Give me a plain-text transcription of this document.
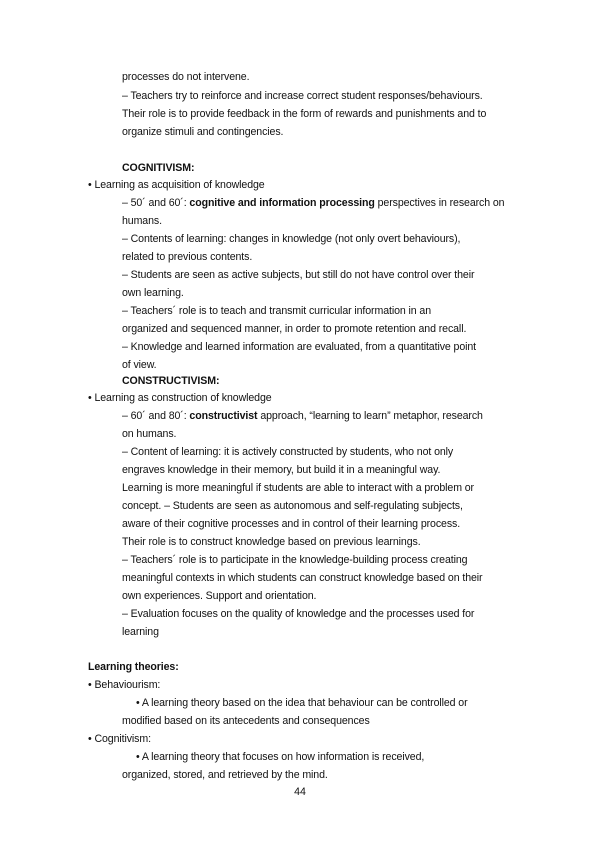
processes do not intervene.
– Teachers try to reinforce and increase correct student responses/behaviours.
Their role is to provide feedback in the form of rewards and punishments and to
organize stimuli and contingencies.
COGNITIVISM:
• Learning as acquisition of knowledge
– 50´ and 60´: cognitive and information processing perspectives in research on
humans.
– Contents of learning: changes in knowledge (not only overt behaviours),
related to previous contents.
– Students are seen as active subjects, but still do not have control over their
own learning.
– Teachers´ role is to teach and transmit curricular information in an
organized and sequenced manner, in order to promote retention and recall.
– Knowledge and learned information are evaluated, from a quantitative point
of view.
CONSTRUCTIVISM:
• Learning as construction of knowledge
– 60´ and 80´: constructivist approach, “learning to learn” metaphor, research
on humans.
– Content of learning: it is actively constructed by students, who not only
engraves knowledge in their memory, but build it in a meaningful way.
Learning is more meaningful if students are able to interact with a problem or
concept. – Students are seen as autonomous and self-regulating subjects,
aware of their cognitive processes and in control of their learning process.
Their role is to construct knowledge based on previous learnings.
– Teachers´ role is to participate in the knowledge-building process creating
meaningful contexts in which students can construct knowledge based on their
own experiences. Support and orientation.
– Evaluation focuses on the quality of knowledge and the processes used for
learning
Learning theories:
• Behaviourism:
• A learning theory based on the idea that behaviour can be controlled or
modified based on its antecedents and consequences
• Cognitivism:
• A learning theory that focuses on how information is received,
organized, stored, and retrieved by the mind.
44
